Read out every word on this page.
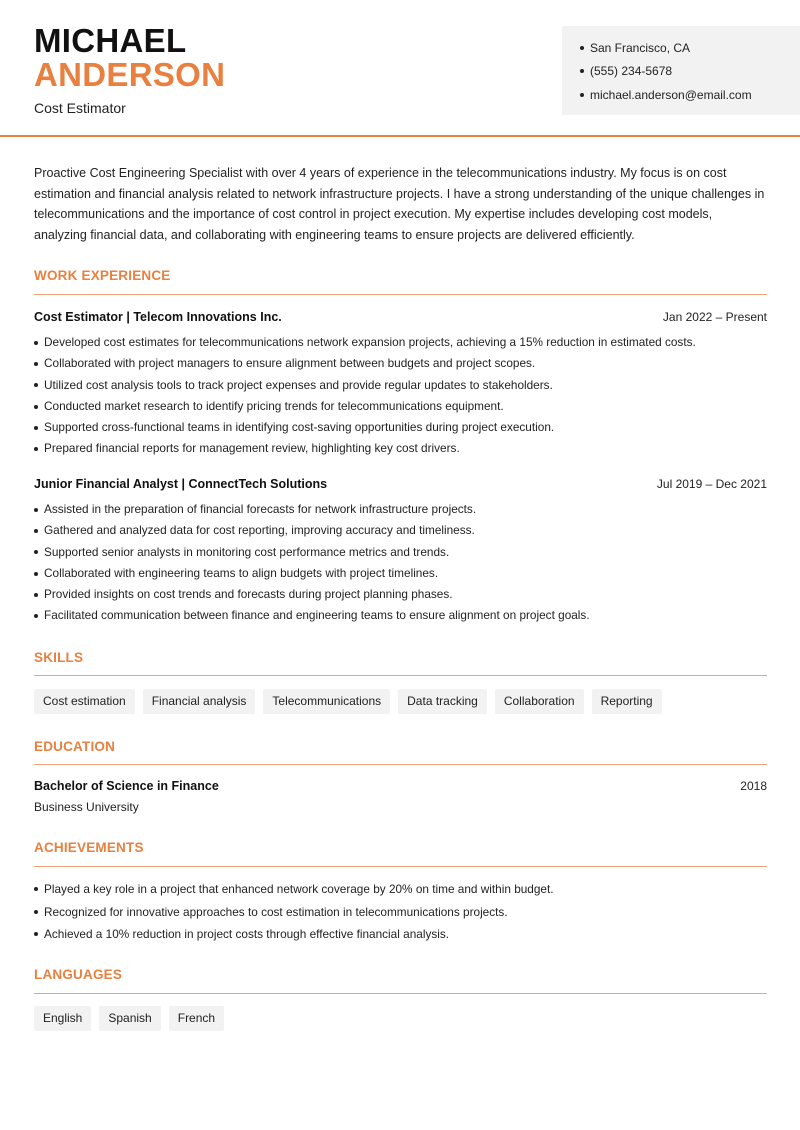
MICHAEL
ANDERSON
Cost Estimator
San Francisco, CA
(555) 234-5678
michael.anderson@email.com

Proactive Cost Engineering Specialist with over 4 years of experience in the telecommunications industry. My focus is on cost estimation and financial analysis related to network infrastructure projects. I have a strong understanding of the unique challenges in telecommunications and the importance of cost control in project execution. My expertise includes developing cost models, analyzing financial data, and collaborating with engineering teams to ensure projects are delivered efficiently.

WORK EXPERIENCE
Cost Estimator | Telecom Innovations Inc.	Jan 2022 – Present
Developed cost estimates for telecommunications network expansion projects, achieving a 15% reduction in estimated costs.
Collaborated with project managers to ensure alignment between budgets and project scopes.
Utilized cost analysis tools to track project expenses and provide regular updates to stakeholders.
Conducted market research to identify pricing trends for telecommunications equipment.
Supported cross-functional teams in identifying cost-saving opportunities during project execution.
Prepared financial reports for management review, highlighting key cost drivers.
Junior Financial Analyst | ConnectTech Solutions	Jul 2019 – Dec 2021
Assisted in the preparation of financial forecasts for network infrastructure projects.
Gathered and analyzed data for cost reporting, improving accuracy and timeliness.
Supported senior analysts in monitoring cost performance metrics and trends.
Collaborated with engineering teams to align budgets with project timelines.
Provided insights on cost trends and forecasts during project planning phases.
Facilitated communication between finance and engineering teams to ensure alignment on project goals.
SKILLS
Cost estimation	Financial analysis	Telecommunications	Data tracking	Collaboration	Reporting
EDUCATION
Bachelor of Science in Finance	2018
Business University
ACHIEVEMENTS
Played a key role in a project that enhanced network coverage by 20% on time and within budget.
Recognized for innovative approaches to cost estimation in telecommunications projects.
Achieved a 10% reduction in project costs through effective financial analysis.
LANGUAGES
English	Spanish	French
